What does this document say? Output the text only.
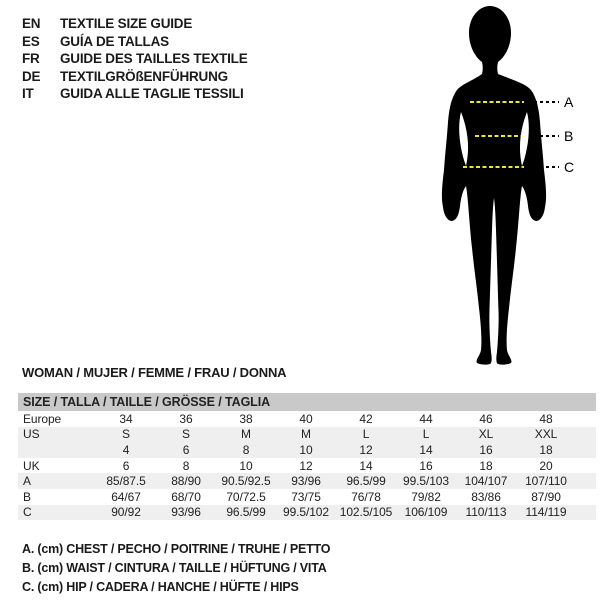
EN	TEXTILE SIZE GUIDE
ES	GUÍA DE TALLAS
FR	GUIDE DES TAILLES TEXTILE
DE	TEXTILGRÖßENFÜHRUNG
IT	GUIDA ALLE TAGLIE TESSILI
A
B
C
WOMAN / MUJER / FEMME / FRAU / DONNA
SIZE / TALLA / TAILLE / GRÖSSE / TAGLIA									
Europe	34	36	38	40	42	44	46	48	
US	S	S	M	M	L	L	XL	XXL	
	4	6	8	10	12	14	16	18	
UK	6	8	10	12	14	16	18	20	
A	85/87.5	88/90	90.5/92.5	93/96	96.5/99	99.5/103	104/107	107/110	
B	64/67	68/70	70/72.5	73/75	76/78	79/82	83/86	87/90	
C	90/92	93/96	96.5/99	99.5/102	102.5/105	106/109	110/113	114/119	
A. (cm) CHEST / PECHO / POITRINE / TRUHE / PETTO
B. (cm) WAIST / CINTURA / TAILLE / HÜFTUNG / VITA
C. (cm) HIP / CADERA / HANCHE / HÜFTE / HIPS
